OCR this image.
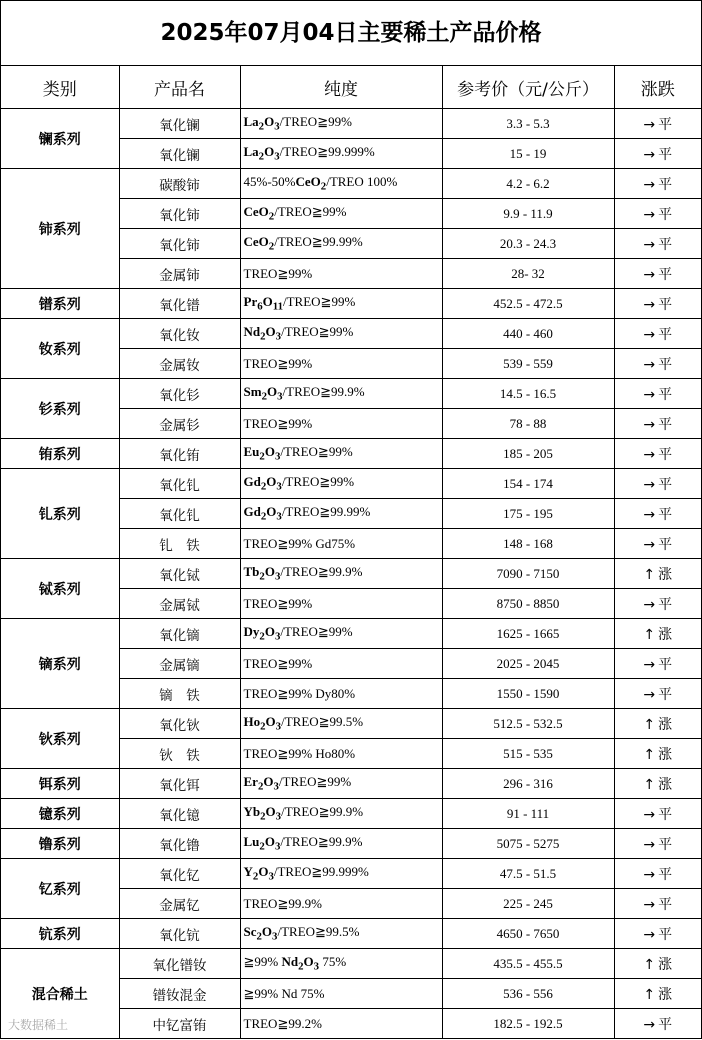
2025年07月04日主要稀土产品价格
类别	产品名	纯度	参考价（元/公斤）	涨跌
镧系列	氧化镧	$La_2O_3/TREO≧99\%$	3.3 - 5.3	→ 平
	氧化镧	$La_2O_3/TREO≧99.999\%$	15 - 19	→ 平
铈系列	碳酸铈	45%-50%CeO$_2$/TREO 100%	4.2 - 6.2	→ 平
	氧化铈	CeO$_2$/TREO≧99%	9.9 - 11.9	→ 平
	氧化铈	CeO$_2$/TREO≧99.99%	20.3 - 24.3	→ 平
	金属铈	TREO≧99%	28- 32	→ 平
镨系列	氧化镨	$Pr_6O_{11}/TREO≧99\%$	452.5 - 472.5	→ 平
钕系列	氧化钕	$Nd_2O_3/TREO≧99\%$	440 - 460	→ 平
	金属钕	TREO≧99%	539 - 559	→ 平
钐系列	氧化钐	$Sm_2O_3/TREO≧99.9\%$	14.5 - 16.5	→ 平
	金属钐	TREO≧99%	78 - 88	→ 平
铕系列	氧化铕	$Eu_2O_3/TREO≧99\%$	185 - 205	→ 平
钆系列	氧化钆	$Gd_2O_3/TREO≧99\%$	154 - 174	→ 平
	氧化钆	$Gd_2O_3/TREO≧99.99\%$	175 - 195	→ 平
	钆　铁	TREO≧99% Gd75%	148 - 168	→ 平
铽系列	氧化铽	$Tb_2O_3/TREO≧99.9\%$	7090 - 7150	↑ 涨
	金属铽	TREO≧99%	8750 - 8850	→ 平
镝系列	氧化镝	$Dy_2O_3/TREO≧99\%$	1625 - 1665	↑ 涨
	金属镝	TREO≧99%	2025 - 2045	→ 平
	镝　铁	TREO≧99% Dy80%	1550 - 1590	→ 平
钬系列	氧化钬	$Ho_2O_3/TREO≧99.5\%$	512.5 - 532.5	↑ 涨
	钬　铁	TREO≧99% Ho80%	515 - 535	↑ 涨
铒系列	氧化铒	$Er_2O_3/TREO≧99\%$	296 - 316	↑ 涨
镱系列	氧化镱	$Yb_2O_3/TREO≧99.9\%$	91 - 111	→ 平
镥系列	氧化镥	$Lu_2O_3/TREO≧99.9\%$	5075 - 5275	→ 平
钇系列	氧化钇	$Y_2O_3/TREO≧99.999\%$	47.5 - 51.5	→ 平
	金属钇	TREO≧99.9%	225 - 245	→ 平
钪系列	氧化钪	$Sc_2O_3/TREO≧99.5\%$	4650 - 7650	→ 平
混合稀土	氧化镨钕	≧99% $Nd_2O_3$ 75%	435.5 - 455.5	↑ 涨
	镨钕混金	≧99% Nd 75%	536 - 556	↑ 涨
	中钇富铕	TREO≧99.2%	182.5 - 192.5	→ 平
大数据稀土
